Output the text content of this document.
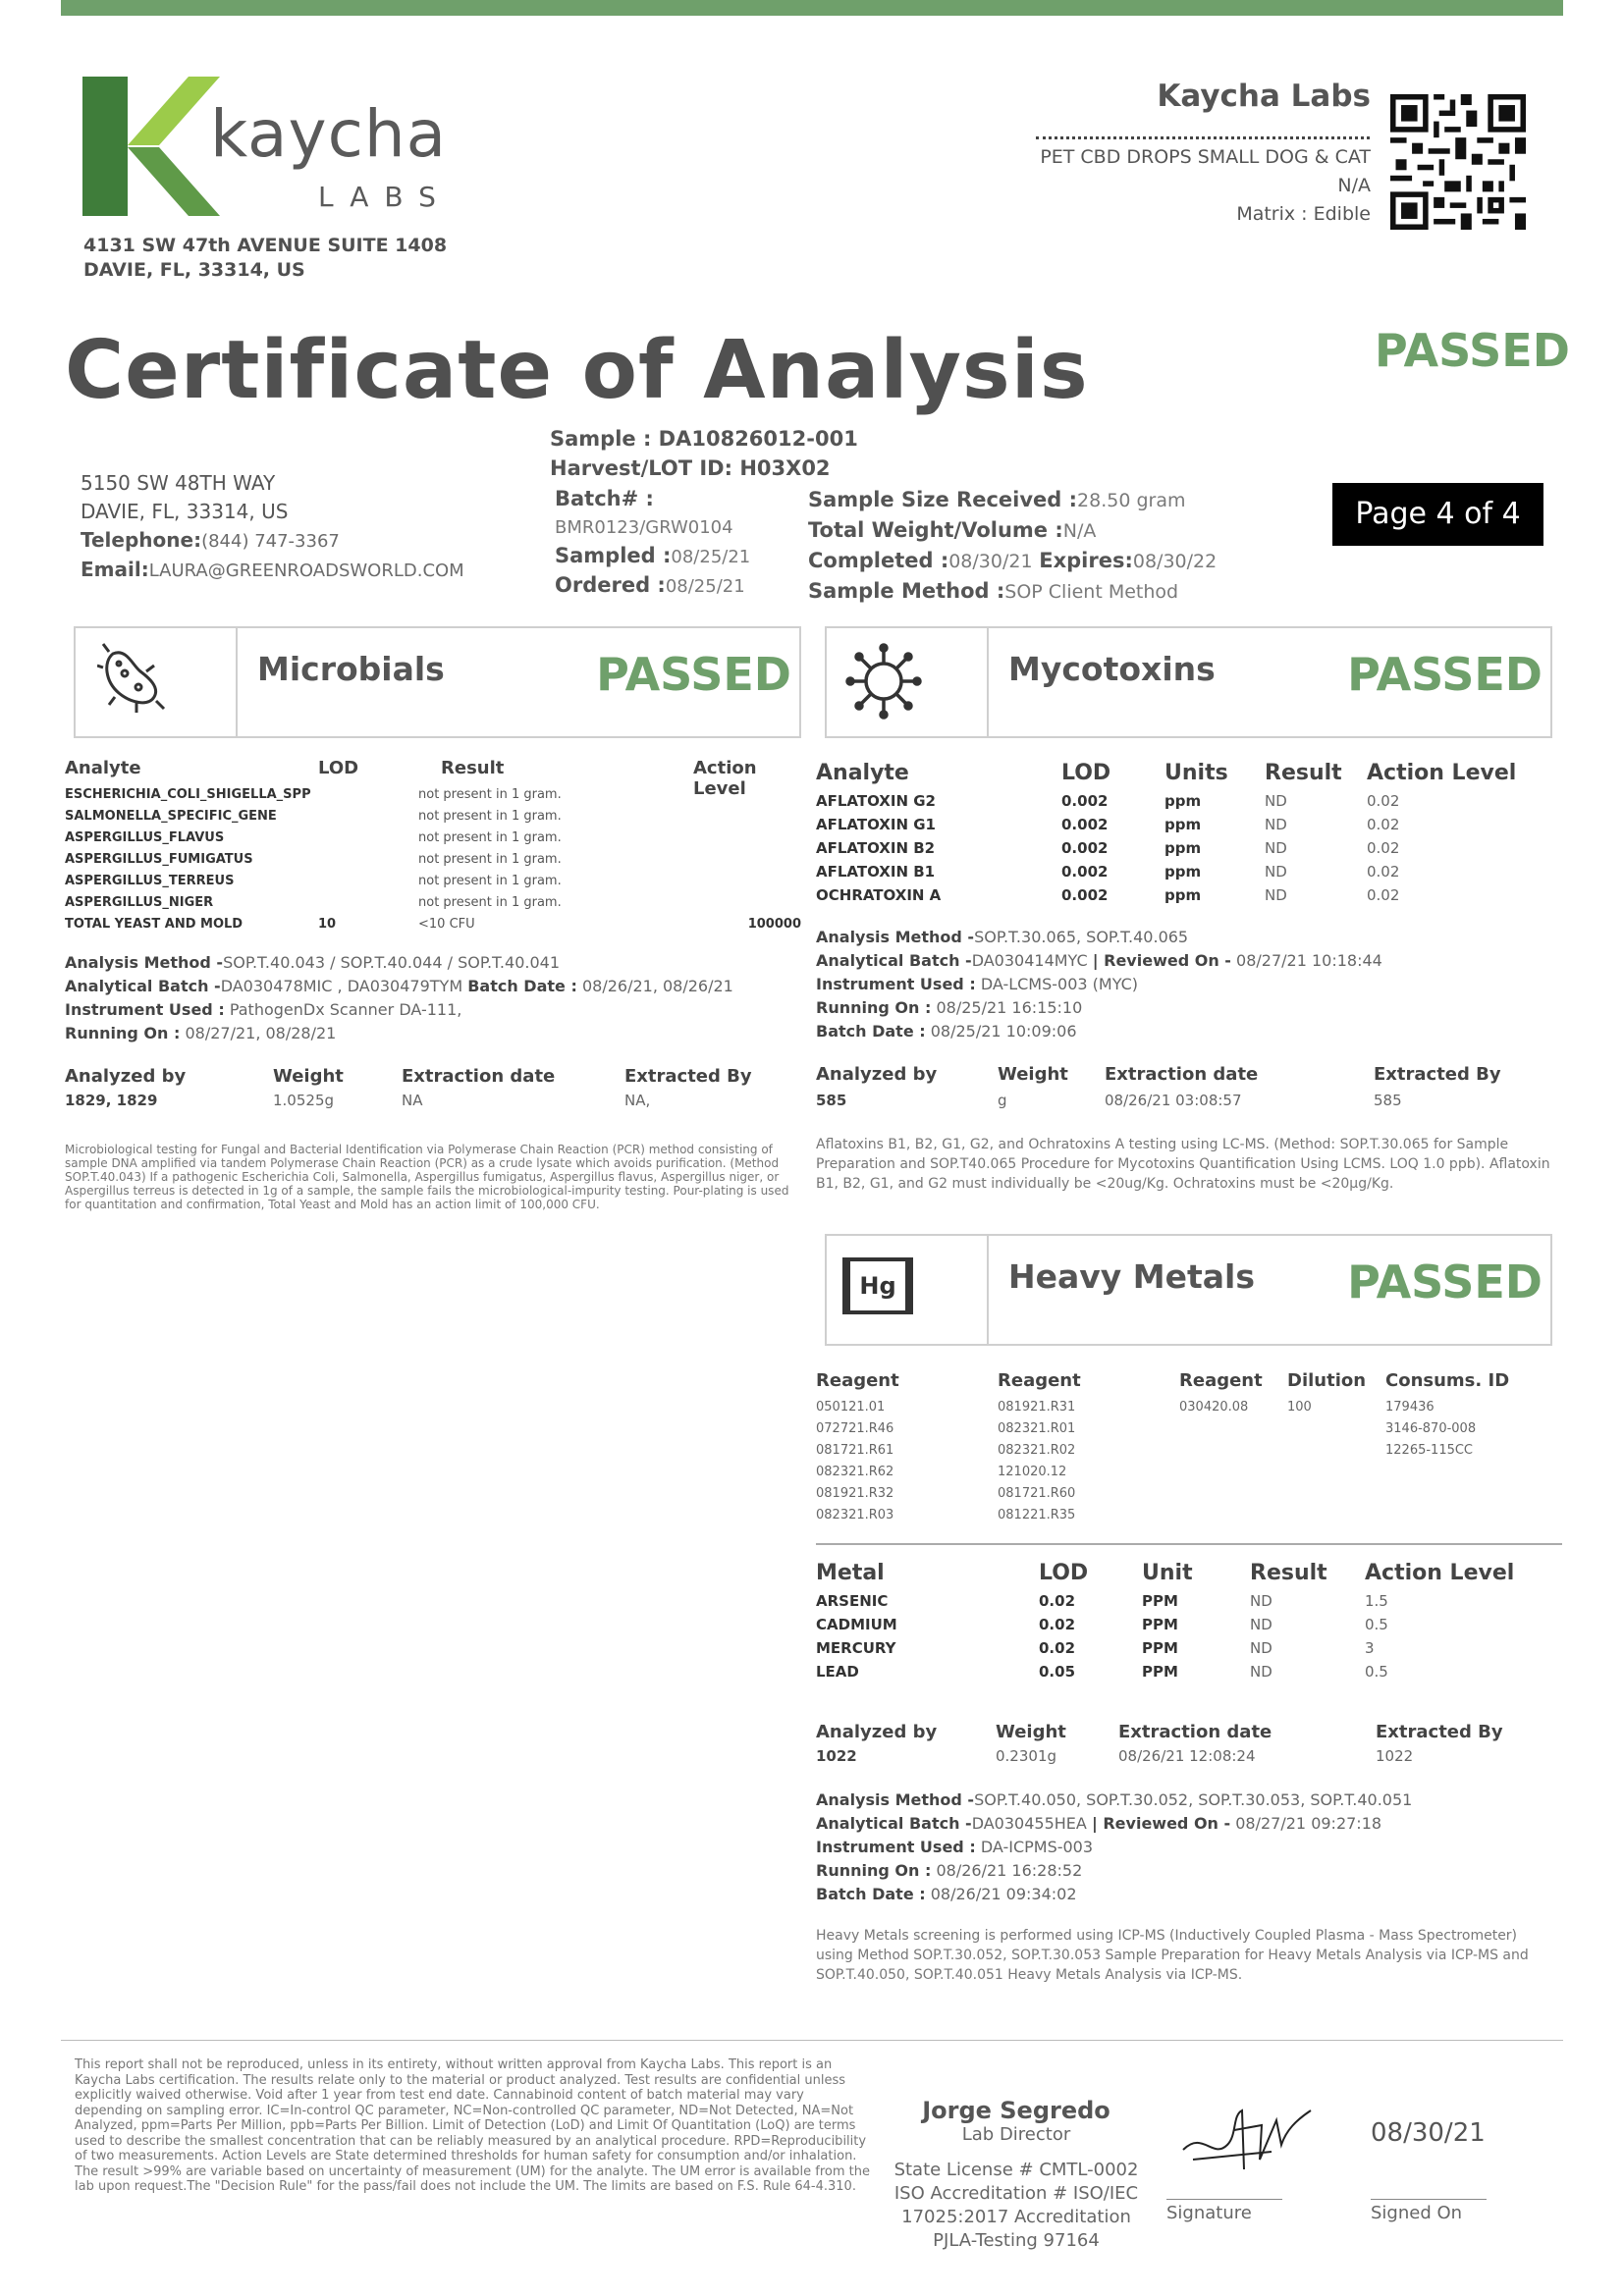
kaycha
LABS
4131 SW 47th AVENUE SUITE 1408
DAVIE, FL, 33314, US
Kaycha Labs
PET CBD DROPS SMALL DOG & CAT
N/A
Matrix : Edible
Certificate of Analysis	PASSED
Sample : DA10826012-001
Harvest/LOT ID: H03X02
5150 SW 48TH WAY
DAVIE, FL, 33314, US
Telephone:(844) 747-3367
Email:LAURA@GREENROADSWORLD.COM
Batch# :
BMR0123/GRW0104
Sampled :08/25/21
Ordered :08/25/21
Sample Size Received :28.50 gram
Total Weight/Volume :N/A
Completed :08/30/21 Expires:08/30/22
Sample Method :SOP Client Method
Page 4 of 4
Microbials	PASSED	Mycotoxins	PASSED
Analyte	LOD	Result	Action Level
ESCHERICHIA_COLI_SHIGELLA_SPP		not present in 1 gram.	
SALMONELLA_SPECIFIC_GENE		not present in 1 gram.	
ASPERGILLUS_FLAVUS		not present in 1 gram.	
ASPERGILLUS_FUMIGATUS		not present in 1 gram.	
ASPERGILLUS_TERREUS		not present in 1 gram.	
ASPERGILLUS_NIGER		not present in 1 gram.	
TOTAL YEAST AND MOLD	10	<10 CFU	100000
Analysis Method -SOP.T.40.043 / SOP.T.40.044 / SOP.T.40.041
Analytical Batch -DA030478MIC , DA030479TYM Batch Date : 08/26/21, 08/26/21
Instrument Used : PathogenDx Scanner DA-111,
Running On : 08/27/21, 08/28/21
Analyzed by	Weight	Extraction date	Extracted By
1829, 1829	1.0525g	NA	NA,
Microbiological testing for Fungal and Bacterial Identification via Polymerase Chain Reaction (PCR) method consisting of sample DNA amplified via tandem Polymerase Chain Reaction (PCR) as a crude lysate which avoids purification. (Method SOP.T.40.043) If a pathogenic Escherichia Coli, Salmonella, Aspergillus fumigatus, Aspergillus flavus, Aspergillus niger, or Aspergillus terreus is detected in 1g of a sample, the sample fails the microbiological-impurity testing. Pour-plating is used for quantitation and confirmation, Total Yeast and Mold has an action limit of 100,000 CFU.
Analyte	LOD	Units	Result	Action Level
AFLATOXIN G2	0.002	ppm	ND	0.02
AFLATOXIN G1	0.002	ppm	ND	0.02
AFLATOXIN B2	0.002	ppm	ND	0.02
AFLATOXIN B1	0.002	ppm	ND	0.02
OCHRATOXIN A	0.002	ppm	ND	0.02
Analysis Method -SOP.T.30.065, SOP.T.40.065
Analytical Batch -DA030414MYC | Reviewed On - 08/27/21 10:18:44
Instrument Used : DA-LCMS-003 (MYC)
Running On : 08/25/21 16:15:10
Batch Date : 08/25/21 10:09:06
Analyzed by	Weight Extraction date	Extracted By
585	g	08/26/21 03:08:57	585
Aflatoxins B1, B2, G1, G2, and Ochratoxins A testing using LC-MS. (Method: SOP.T.30.065 for Sample Preparation and SOP.T40.065 Procedure for Mycotoxins Quantification Using LCMS. LOQ 1.0 ppb). Aflatoxin B1, B2, G1, and G2 must individually be <20ug/Kg. Ochratoxins must be <20μg/Kg.
Hg	Heavy Metals PASSED
Reagent	Reagent	Reagent	Dilution	Consums. ID
050121.01	081921.R31	030420.08	100	179436
072721.R46	082321.R01			3146-870-008
081721.R61	082321.R02			12265-115CC
082321.R62	121020.12			
081921.R32	081721.R60			
082321.R03	081221.R35			
Metal	LOD	Unit	Result	Action Level
ARSENIC	0.02	PPM	ND	1.5
CADMIUM	0.02	PPM	ND	0.5
MERCURY	0.02	PPM	ND	3
LEAD	0.05	PPM	ND	0.5
Analyzed by	Weight	Extraction date	Extracted By
1022	0.2301g	08/26/21 12:08:24	1022
Analysis Method -SOP.T.40.050, SOP.T.30.052, SOP.T.30.053, SOP.T.40.051
Analytical Batch -DA030455HEA | Reviewed On - 08/27/21 09:27:18
Instrument Used : DA-ICPMS-003
Running On : 08/26/21 16:28:52
Batch Date : 08/26/21 09:34:02
Heavy Metals screening is performed using ICP-MS (Inductively Coupled Plasma - Mass Spectrometer) using Method SOP.T.30.052, SOP.T.30.053 Sample Preparation for Heavy Metals Analysis via ICP-MS and SOP.T.40.050, SOP.T.40.051 Heavy Metals Analysis via ICP-MS.
This report shall not be reproduced, unless in its entirety, without written approval from Kaycha Labs. This report is an Kaycha Labs certification. The results relate only to the material or product analyzed. Test results are confidential unless explicitly waived otherwise. Void after 1 year from test end date. Cannabinoid content of batch material may vary depending on sampling error. IC=In-control QC parameter, NC=Non-controlled QC parameter, ND=Not Detected, NA=Not Analyzed, ppm=Parts Per Million, ppb=Parts Per Billion. Limit of Detection (LoD) and Limit Of Quantitation (LoQ) are terms used to describe the smallest concentration that can be reliably measured by an analytical procedure. RPD=Reproducibility of two measurements. Action Levels are State determined thresholds for human safety for consumption and/or inhalation. The result >99% are variable based on uncertainty of measurement (UM) for the analyte. The UM error is available from the lab upon request.The "Decision Rule" for the pass/fail does not include the UM. The limits are based on F.S. Rule 64-4.310.
Jorge Segredo
Lab Director
State License # CMTL-0002
ISO Accreditation # ISO/IEC
17025:2017 Accreditation
PJLA-Testing 97164
Signature
08/30/21
Signed On
